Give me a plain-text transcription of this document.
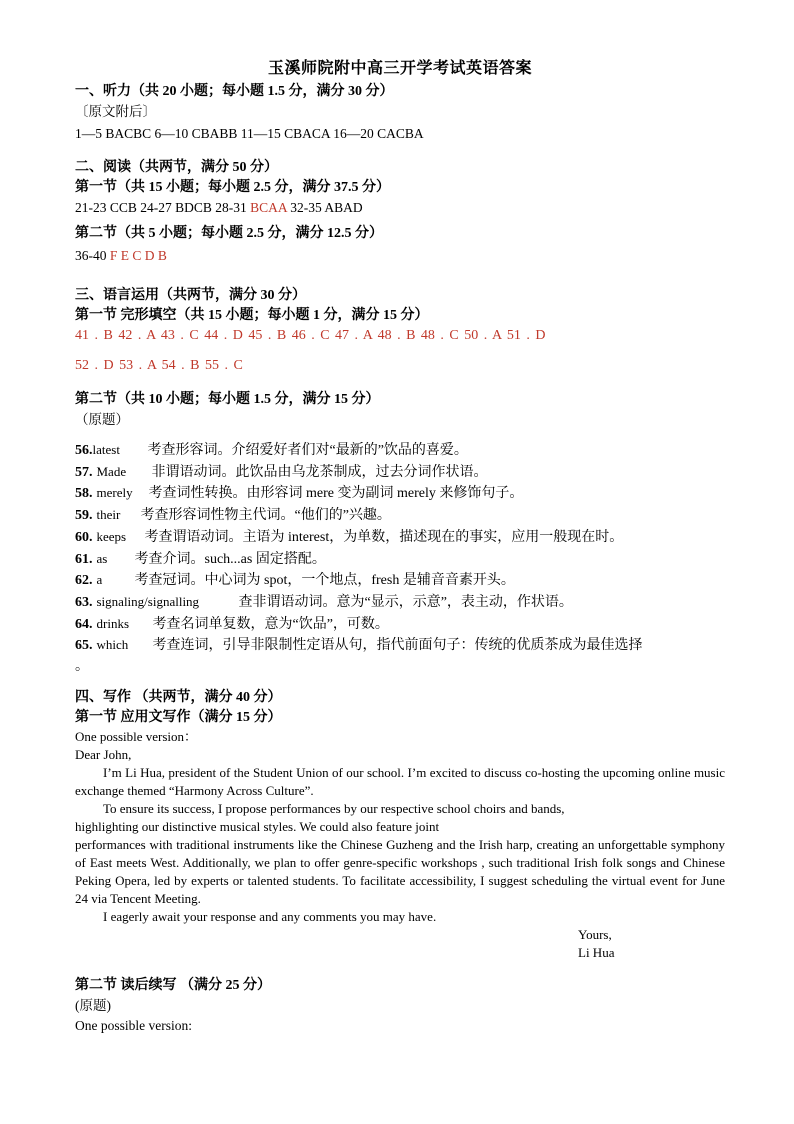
玉溪师院附中高三开学考试英语答案
一、听力（共 20 小题；每小题 1.5 分，满分 30 分）
〔原文附后〕
1—5 BACBC 6—10 CBABB 11—15 CBACA 16—20 CACBA
二、阅读（共两节，满分 50 分）
第一节（共 15 小题；每小题 2.5 分，满分 37.5 分）
21-23 CCB 24-27 BDCB 28-31 BCAA 32-35 ABAD
第二节（共 5 小题；每小题 2.5 分，满分 12.5 分）
36-40 F E C D B
三、语言运用（共两节，满分 30 分）
第一节 完形填空（共 15 小题；每小题 1 分，满分 15 分）
41 . B 42 . A 43 . C 44 . D 45 . B 46 . C 47 . A 48 . B 48 . C 50 . A 51 . D
52 . D 53 . A 54 . B 55 . C
第二节（共 10 小题；每小题 1.5 分，满分 15 分）
（原题）
56.latest 考查形容词。介绍爱好者们对“最新的”饮品的喜爱。
57. Made 非谓语动词。此饮品由乌龙茶制成，过去分词作状语。
58. merely 考查词性转换。由形容词 mere 变为副词 merely 来修饰句子。
59. their 考查形容词性物主代词。“他们的”兴趣。
60. keeps 考查谓语动词。主语为 interest，为单数，描述现在的事实，应用一般现在时。
61. as 考查介词。such...as 固定搭配。
62. a 考查冠词。中心词为 spot，一个地点，fresh 是辅音音素开头。
63. signaling/signalling	查非谓语动词。意为“显示，示意”，表主动，作状语。
64. drinks 考查名词单复数，意为“饮品”，可数。
65. which 考查连词，引导非限制性定语从句，指代前面句子：传统的优质茶成为最佳选择
。
四、写作 （共两节，满分 40 分）
第一节 应用文写作（满分 15 分）

One possible version：

Dear John,

I’m Li Hua, president of the Student Union of our school. I’m excited to discuss co-hosting the upcoming online music exchange themed “Harmony Across Culture”.

To ensure its success, I propose performances by our respective school choirs and bands,

highlighting our distinctive musical styles. We could also feature joint

performances with traditional instruments like the Chinese Guzheng and the Irish harp, creating an unforgettable symphony of East meets West. Additionally, we plan to offer genre-specific workshops , such traditional Irish folk songs and Chinese Peking Opera, led by experts or talented students. To facilitate accessibility, I suggest scheduling the virtual event for June 24 via Tencent Meeting.

I eagerly await your response and any comments you may have.

Yours,

Li Hua

第二节 读后续写 （满分 25 分）
(原题)
One possible version:
